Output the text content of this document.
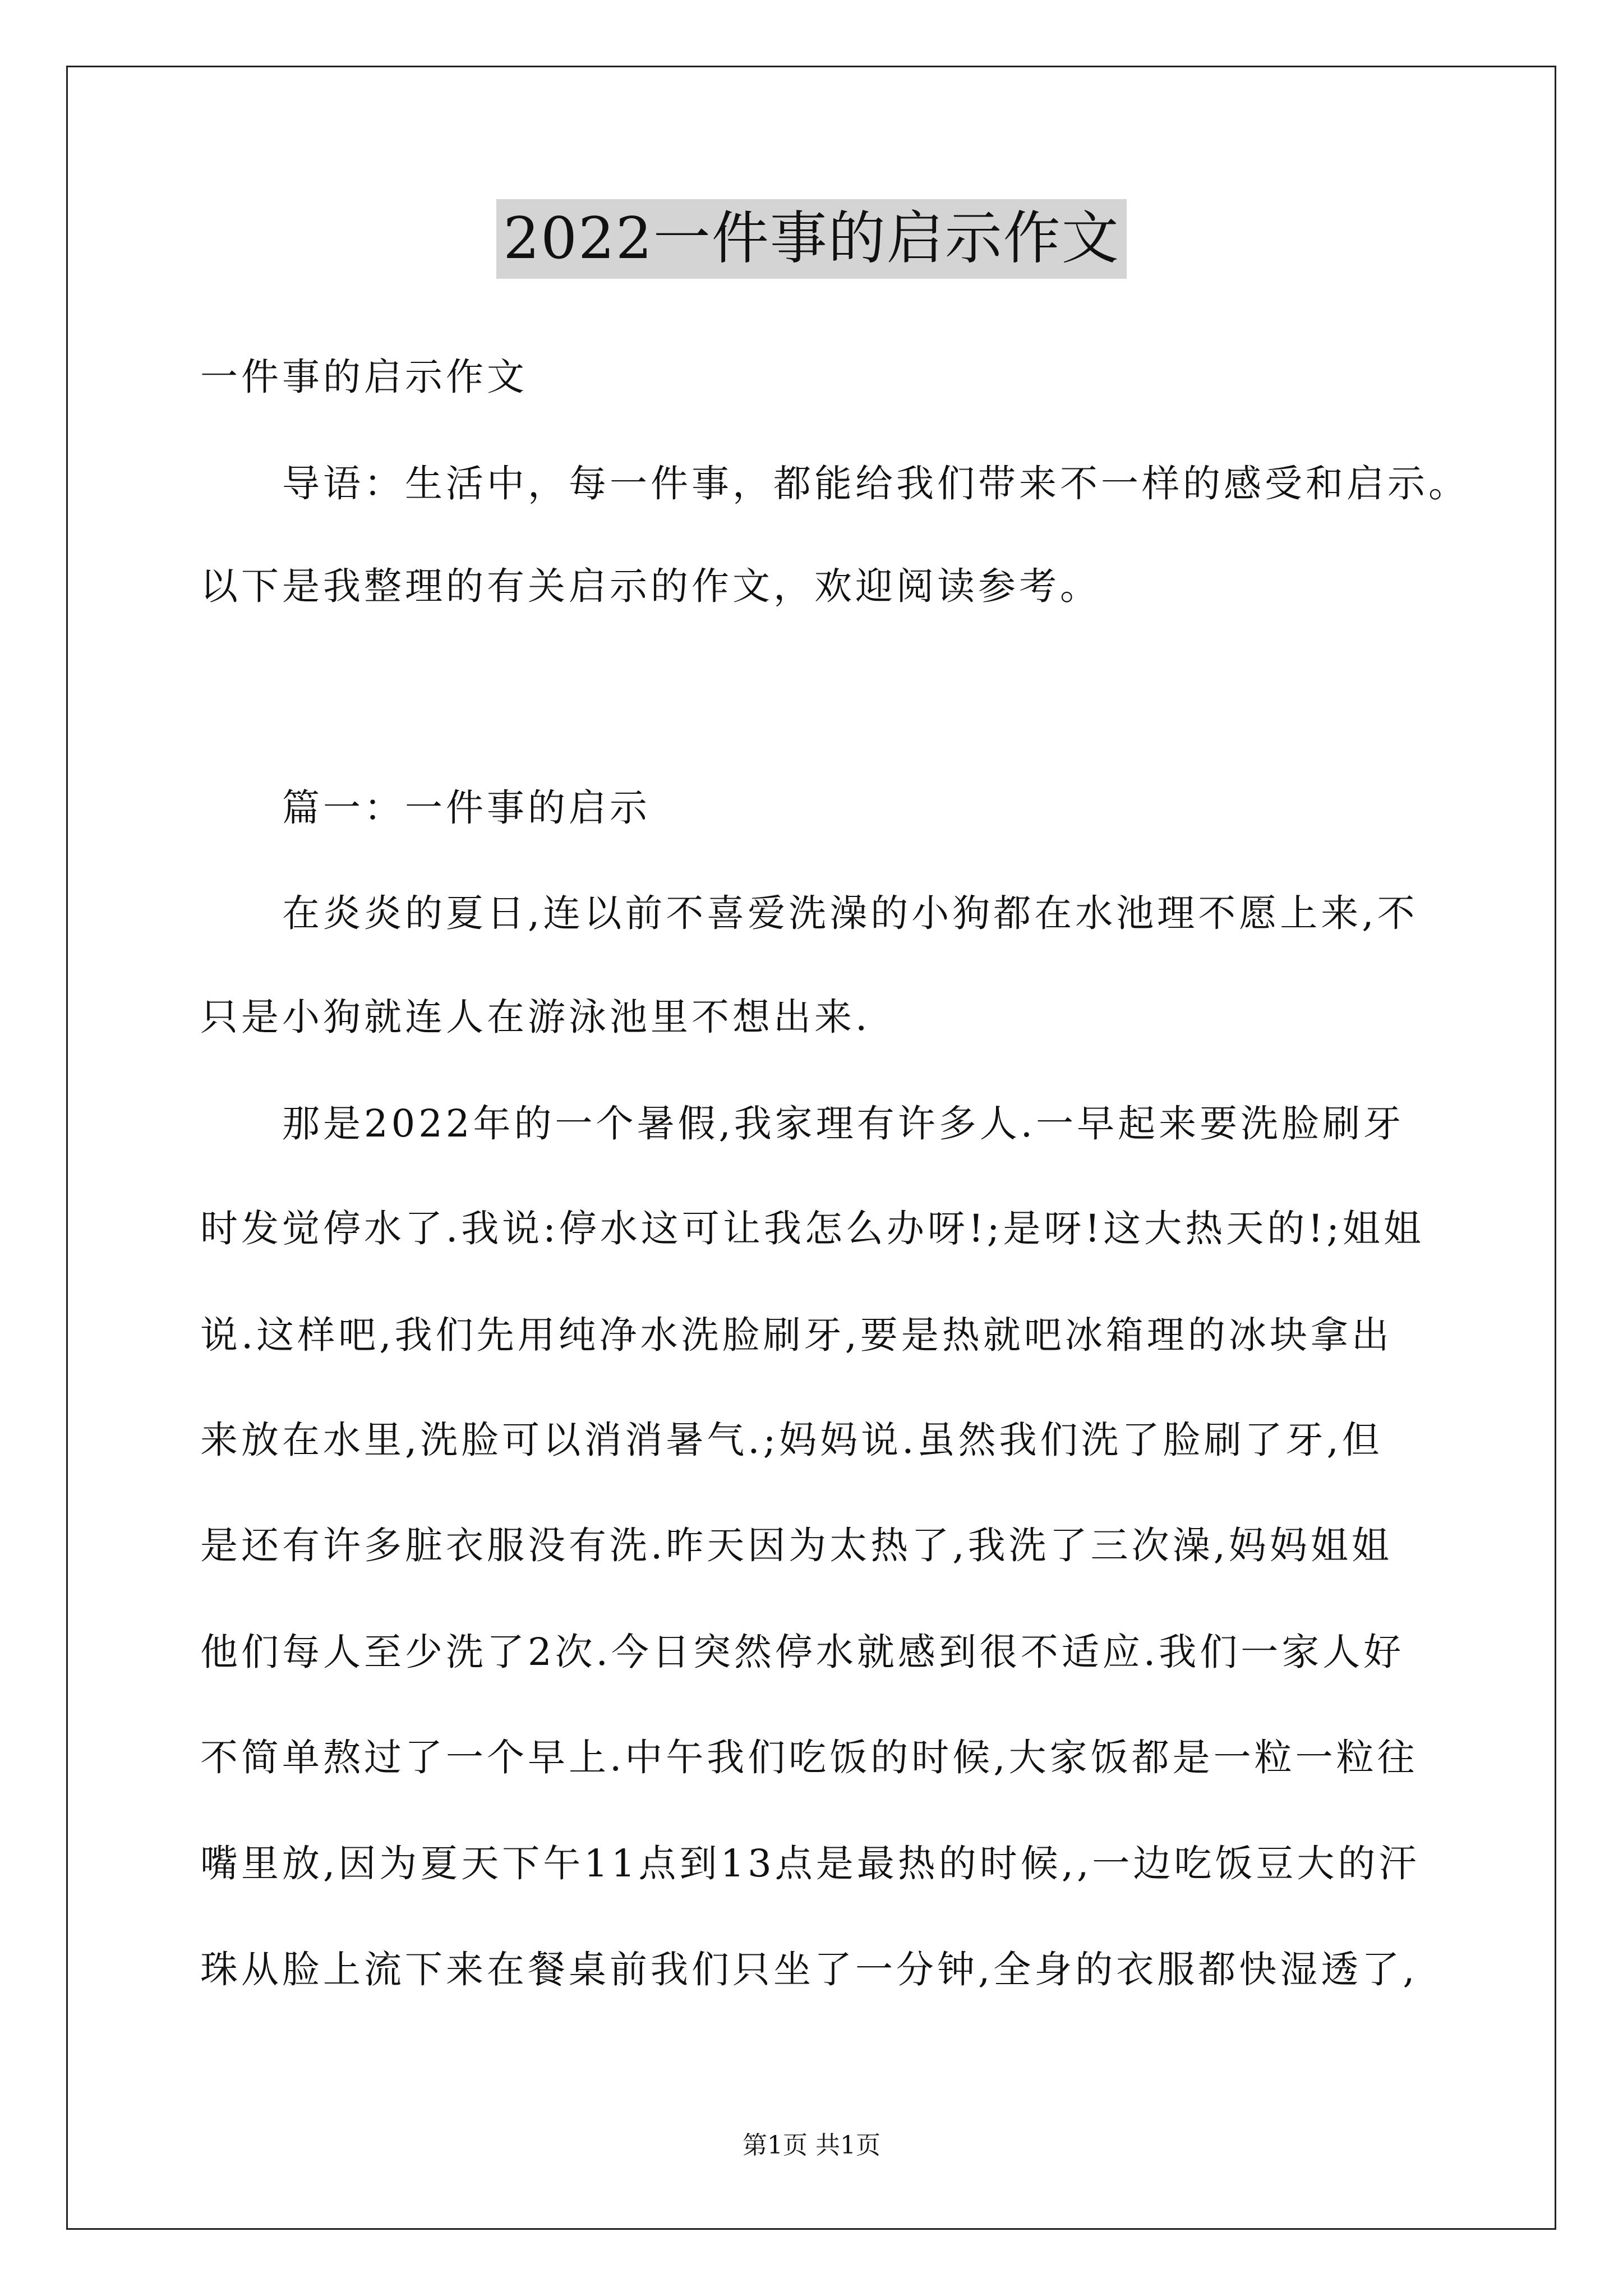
2022一件事的启示作文
一件事的启示作文
导语：生活中，每一件事，都能给我们带来不一样的感受和启示。
以下是我整理的有关启示的作文，欢迎阅读参考。
篇一：一件事的启示
在炎炎的夏日,连以前不喜爱洗澡的小狗都在水池理不愿上来,不
只是小狗就连人在游泳池里不想出来.
那是2022年的一个暑假,我家理有许多人.一早起来要洗脸刷牙
时发觉停水了.我说:停水这可让我怎么办呀!;是呀!这大热天的!;姐姐
说.这样吧,我们先用纯净水洗脸刷牙,要是热就吧冰箱理的冰块拿出
来放在水里,洗脸可以消消暑气.;妈妈说.虽然我们洗了脸刷了牙,但
是还有许多脏衣服没有洗.昨天因为太热了,我洗了三次澡,妈妈姐姐
他们每人至少洗了2次.今日突然停水就感到很不适应.我们一家人好
不简单熬过了一个早上.中午我们吃饭的时候,大家饭都是一粒一粒往
嘴里放,因为夏天下午11点到13点是最热的时候,,一边吃饭豆大的汗
珠从脸上流下来在餐桌前我们只坐了一分钟,全身的衣服都快湿透了,
第1页 共1页
